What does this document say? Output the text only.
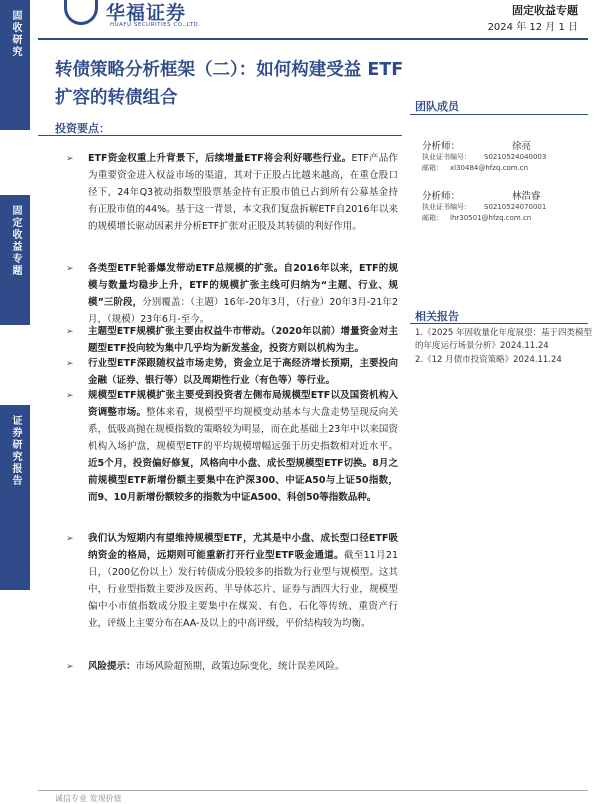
固收研究
固定收益专题
证券研究报告
华福证券
HUAFU SECURITIES CO.,LTD.
固定收益专题
2024 年 12 月 1 日
转债策略分析框架（二）：如何构建受益 ETF 扩容的转债组合	团队成员
分析师：	徐亮
执业证书编号： S0210524040003
邮箱： xl30484@hfzq.com.cn
分析师：	林浩睿
执业证书编号： S0210524070001
邮箱： lhr30501@hfzq.com.cn
相关报告
1.《2025 年固收量化年度展望：基于四类模型的年度运行场景分析》2024.11.24
2.《12 月债市投资策略》2024.11.24
投资要点：
➢ ETF资金权重上升背景下，后续增量ETF将会利好哪些行业。ETF产品作为重要资金进入权益市场的渠道，其对于正股占比越来越高，在重仓股口径下，24年Q3被动指数型股票基金持有正股市值已占到所有公募基金持有正股市值的44%。基于这一背景，本文我们复盘拆解ETF自2016年以来的规模增长驱动因素并分析ETF扩张对正股及其转债的利好作用。
➢ 各类型ETF轮番爆发带动ETF总规模的扩张。自2016年以来，ETF的规模与数量均稳步上升，ETF的规模扩张主线可归纳为“主题、行业、规模”三阶段，分别覆盖：（主题）16年-20年3月，（行业）20年3月-21年2月，（规模）23年6月-至今。
➢ 主题型ETF规模扩张主要由权益牛市带动。（2020年以前）增量资金对主题型ETF投向较为集中几乎均为新发基金，投资方则以机构为主。
➢ 行业型ETF深跟随权益市场走势，资金立足于高经济增长预期，主要投向金融（证券、银行等）以及周期性行业（有色等）等行业。
➢ 规模型ETF规模扩张主要受到投资者左侧布局规模型ETF以及国资机构入资调整市场。整体来看，规模型平均规模变动基本与大盘走势呈现反向关系，低吸高抛在规模指数的策略较为明显，而在此基础上23年中以来国资机构入场护盘，规模型ETF的平均规模增幅远强于历史指数相对近水平。近5个月，投资偏好修复，风格向中小盘、成长型规模型ETF切换。8月之前规模型ETF新增份额主要集中在沪深300、中证A50与上证50指数，而9、10月新增份额较多的指数为中证A500、科创50等指数品种。
➢ 我们认为短期内有望维持规模型ETF，尤其是中小盘、成长型口径ETF吸纳资金的格局，远期则可能重新打开行业型ETF吸金通道。截至11月21日，（200亿份以上）发行转债成分股较多的指数为行业型与规模型。这其中，行业型指数主要涉及医药、半导体芯片、证券与酒四大行业，规模型偏中小市值指数成分股主要集中在煤炭、有色、石化等传统、重资产行业，评级上主要分布在AA-及以上的中高评级，平价结构较为均衡。
➢ 风险提示：市场风险超预期，政策边际变化，统计误差风险。
诚信专业 发现价值
